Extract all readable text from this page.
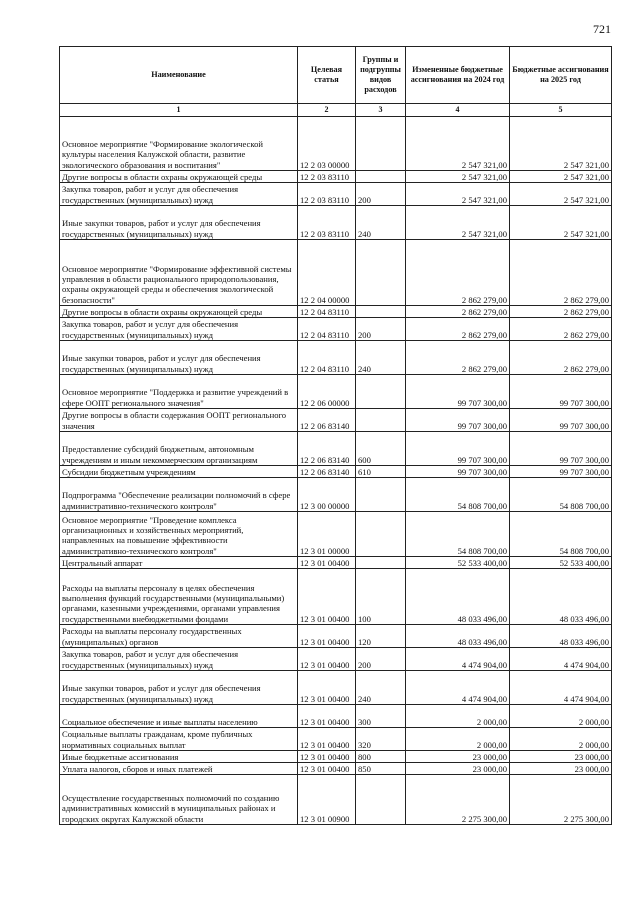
721
Наименование	Целевая статья	Группы и подгруппы видов расходов	Измененные бюджетные ассигнования на 2024 год	Бюджетные ассигнования на 2025 год
1	2	3	4	5
Основное мероприятие "Формирование экологической культуры населения Калужской области, развитие экологического образования и воспитания"	12 2 03 00000		2 547 321,00	2 547 321,00
Другие вопросы в области охраны окружающей среды	12 2 03 83110		2 547 321,00	2 547 321,00
Закупка товаров, работ и услуг для обеспечения государственных (муниципальных) нужд	12 2 03 83110	200	2 547 321,00	2 547 321,00
Иные закупки товаров, работ и услуг для обеспечения государственных (муниципальных) нужд	12 2 03 83110	240	2 547 321,00	2 547 321,00
Основное мероприятие "Формирование эффективной системы управления в области рационального природопользования, охраны окружающей среды и обеспечения экологической безопасности"	12 2 04 00000		2 862 279,00	2 862 279,00
Другие вопросы в области охраны окружающей среды	12 2 04 83110		2 862 279,00	2 862 279,00
Закупка товаров, работ и услуг для обеспечения государственных (муниципальных) нужд	12 2 04 83110	200	2 862 279,00	2 862 279,00
Иные закупки товаров, работ и услуг для обеспечения государственных (муниципальных) нужд	12 2 04 83110	240	2 862 279,00	2 862 279,00
Основное мероприятие "Поддержка и развитие учреждений в сфере ООПТ регионального значения"	12 2 06 00000		99 707 300,00	99 707 300,00
Другие вопросы в области содержания ООПТ регионального значения	12 2 06 83140		99 707 300,00	99 707 300,00
Предоставление субсидий бюджетным, автономным учреждениям и иным некоммерческим организациям	12 2 06 83140	600	99 707 300,00	99 707 300,00
Субсидии бюджетным учреждениям	12 2 06 83140	610	99 707 300,00	99 707 300,00
Подпрограмма "Обеспечение реализации полномочий в сфере административно-технического контроля"	12 3 00 00000		54 808 700,00	54 808 700,00
Основное мероприятие "Проведение комплекса организационных и хозяйственных мероприятий, направленных на повышение эффективности административно-технического контроля"	12 3 01 00000		54 808 700,00	54 808 700,00
Центральный аппарат	12 3 01 00400		52 533 400,00	52 533 400,00
Расходы на выплаты персоналу в целях обеспечения выполнения функций государственными (муниципальными) органами, казенными учреждениями, органами управления государственными внебюджетными фондами	12 3 01 00400	100	48 033 496,00	48 033 496,00
Расходы на выплаты персоналу государственных (муниципальных) органов	12 3 01 00400	120	48 033 496,00	48 033 496,00
Закупка товаров, работ и услуг для обеспечения государственных (муниципальных) нужд	12 3 01 00400	200	4 474 904,00	4 474 904,00
Иные закупки товаров, работ и услуг для обеспечения государственных (муниципальных) нужд	12 3 01 00400	240	4 474 904,00	4 474 904,00
Социальное обеспечение и иные выплаты населению	12 3 01 00400	300	2 000,00	2 000,00
Социальные выплаты гражданам, кроме публичных нормативных социальных выплат	12 3 01 00400	320	2 000,00	2 000,00
Иные бюджетные ассигнования	12 3 01 00400	800	23 000,00	23 000,00
Уплата налогов, сборов и иных платежей	12 3 01 00400	850	23 000,00	23 000,00
Осуществление государственных полномочий по созданию административных комиссий в муниципальных районах и городских округах Калужской области	12 3 01 00900		2 275 300,00	2 275 300,00
